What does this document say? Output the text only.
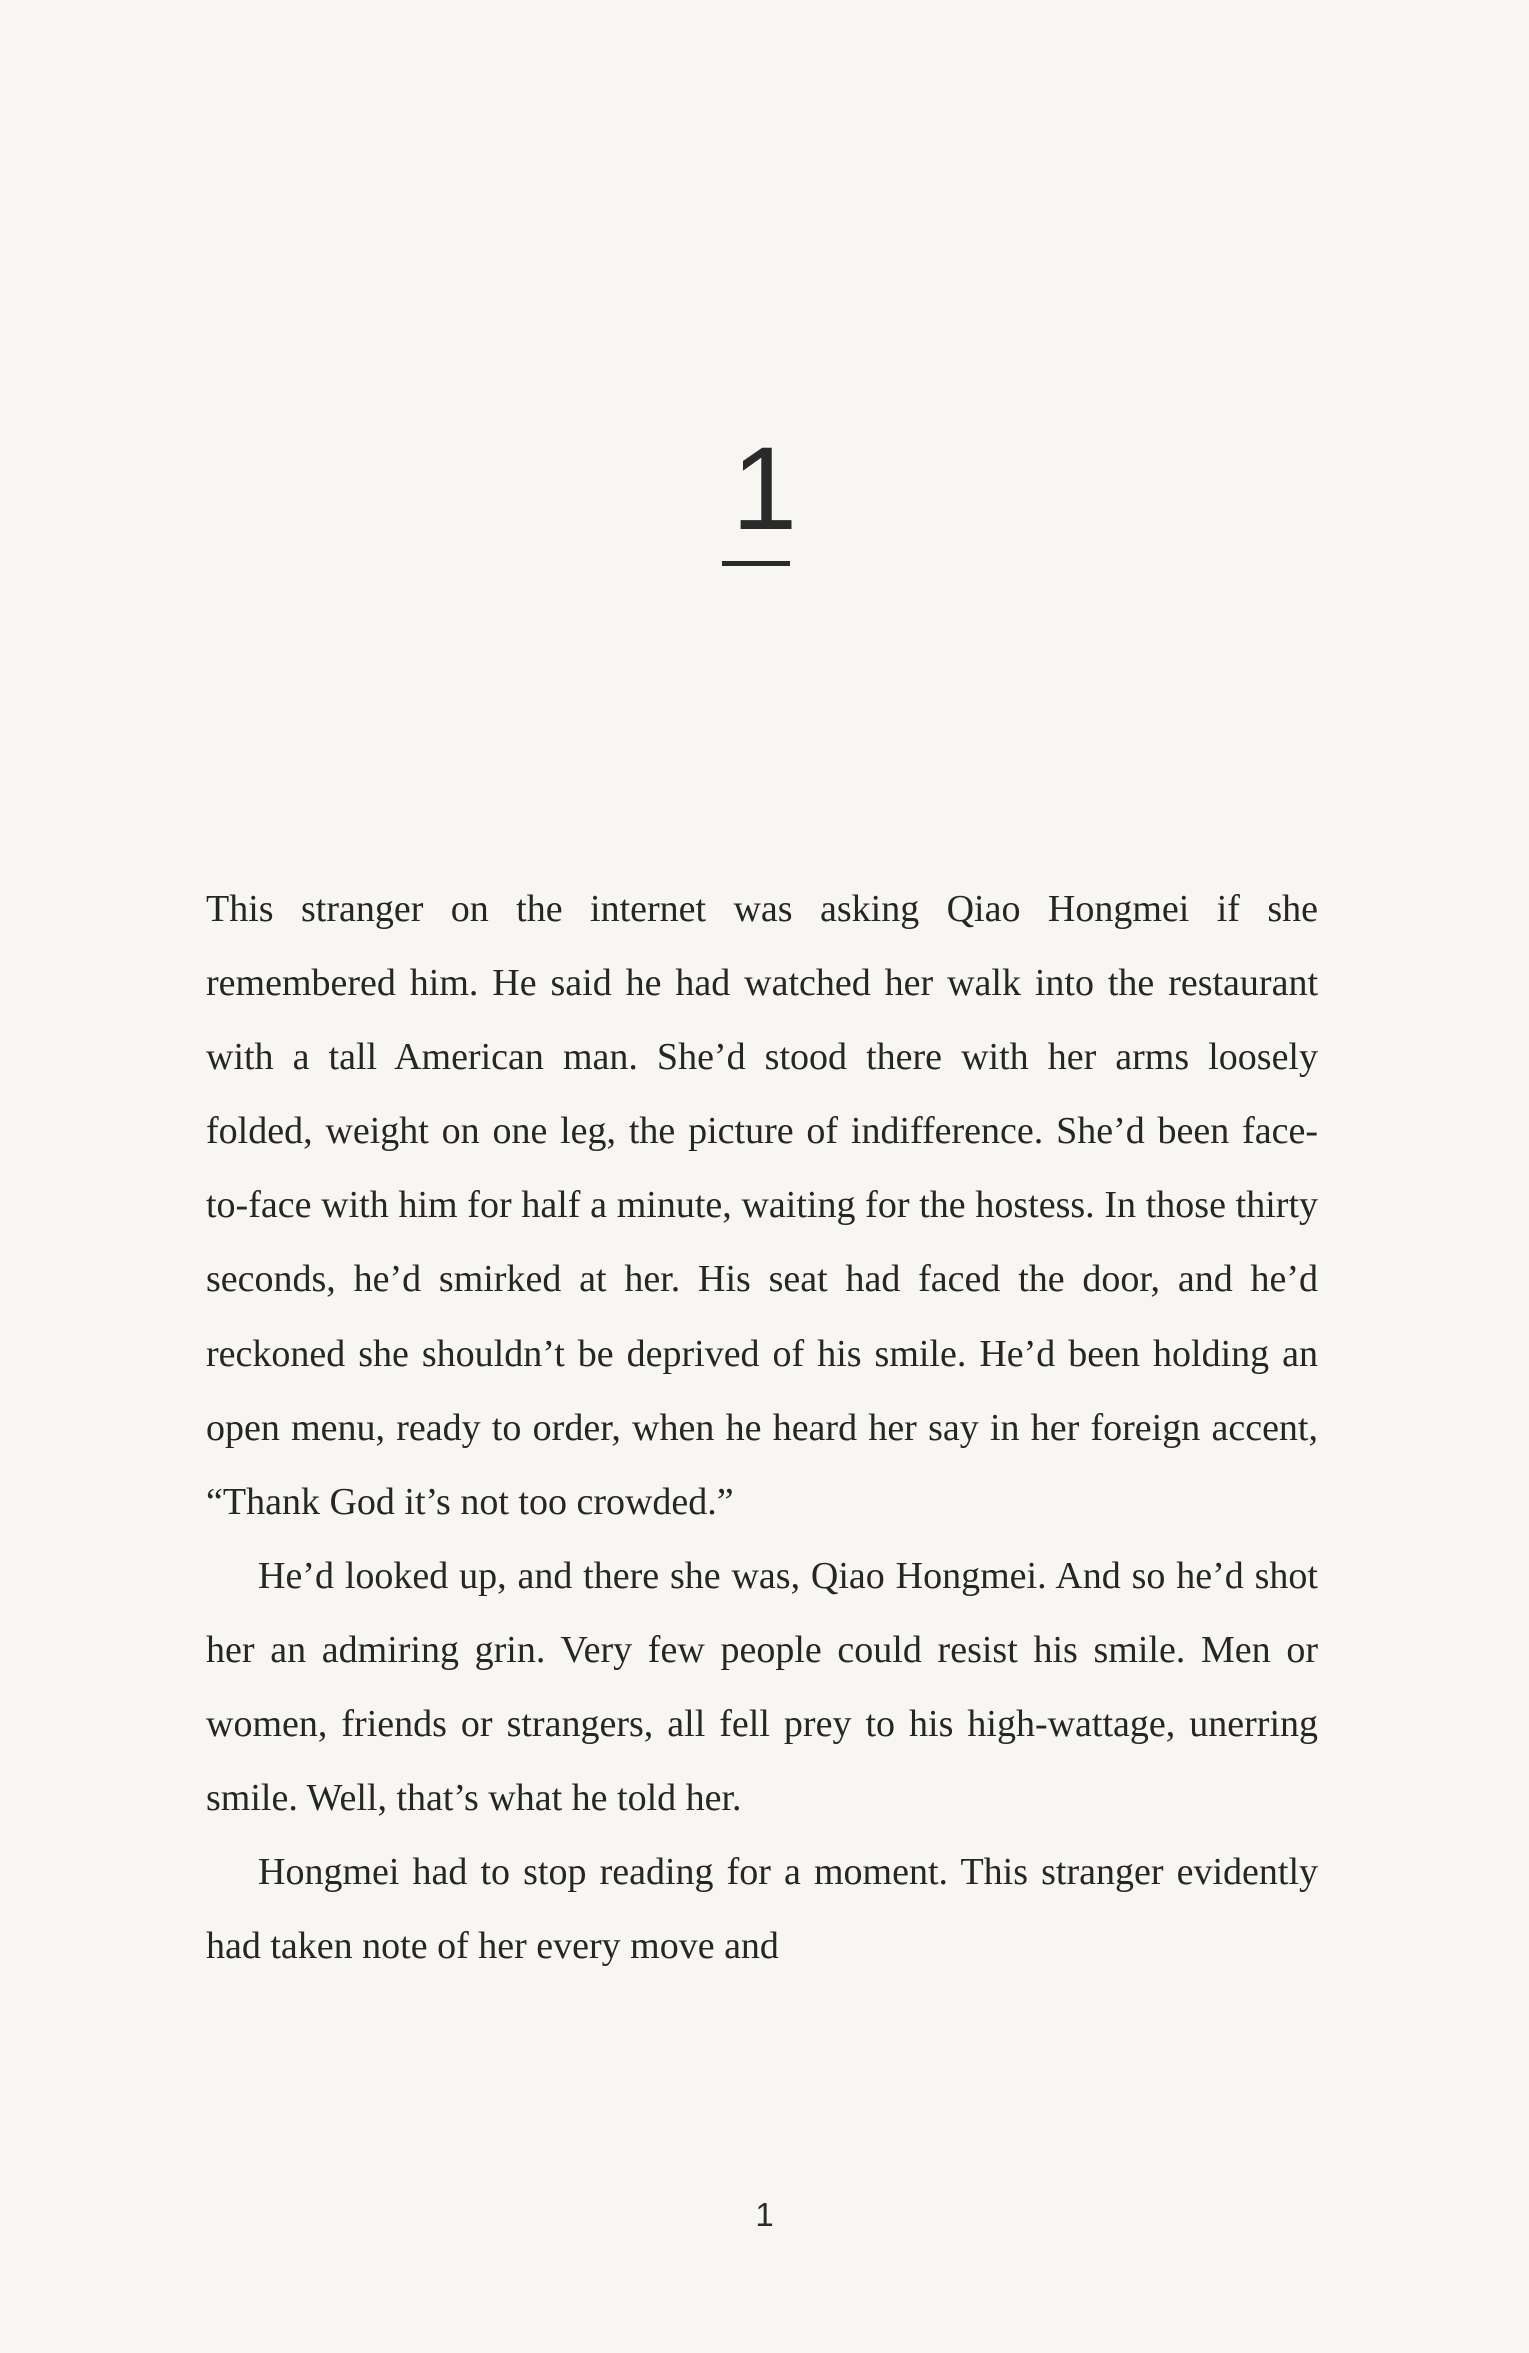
1

This stranger on the internet was asking Qiao Hongmei if she remembered him. He said he had watched her walk into the restaurant with a tall American man. She’d stood there with her arms loosely folded, weight on one leg, the picture of indifference. She’d been face-to-face with him for half a minute, waiting for the hostess. In those thirty seconds, he’d smirked at her. His seat had faced the door, and he’d reckoned she shouldn’t be deprived of his smile. He’d been holding an open menu, ready to order, when he heard her say in her foreign accent, “Thank God it’s not too crowded.”

He’d looked up, and there she was, Qiao Hongmei. And so he’d shot her an admiring grin. Very few people could resist his smile. Men or women, friends or strangers, all fell prey to his high-wattage, unerring smile. Well, that’s what he told her.

Hongmei had to stop reading for a moment. This stranger evidently had taken note of her every move and

1
